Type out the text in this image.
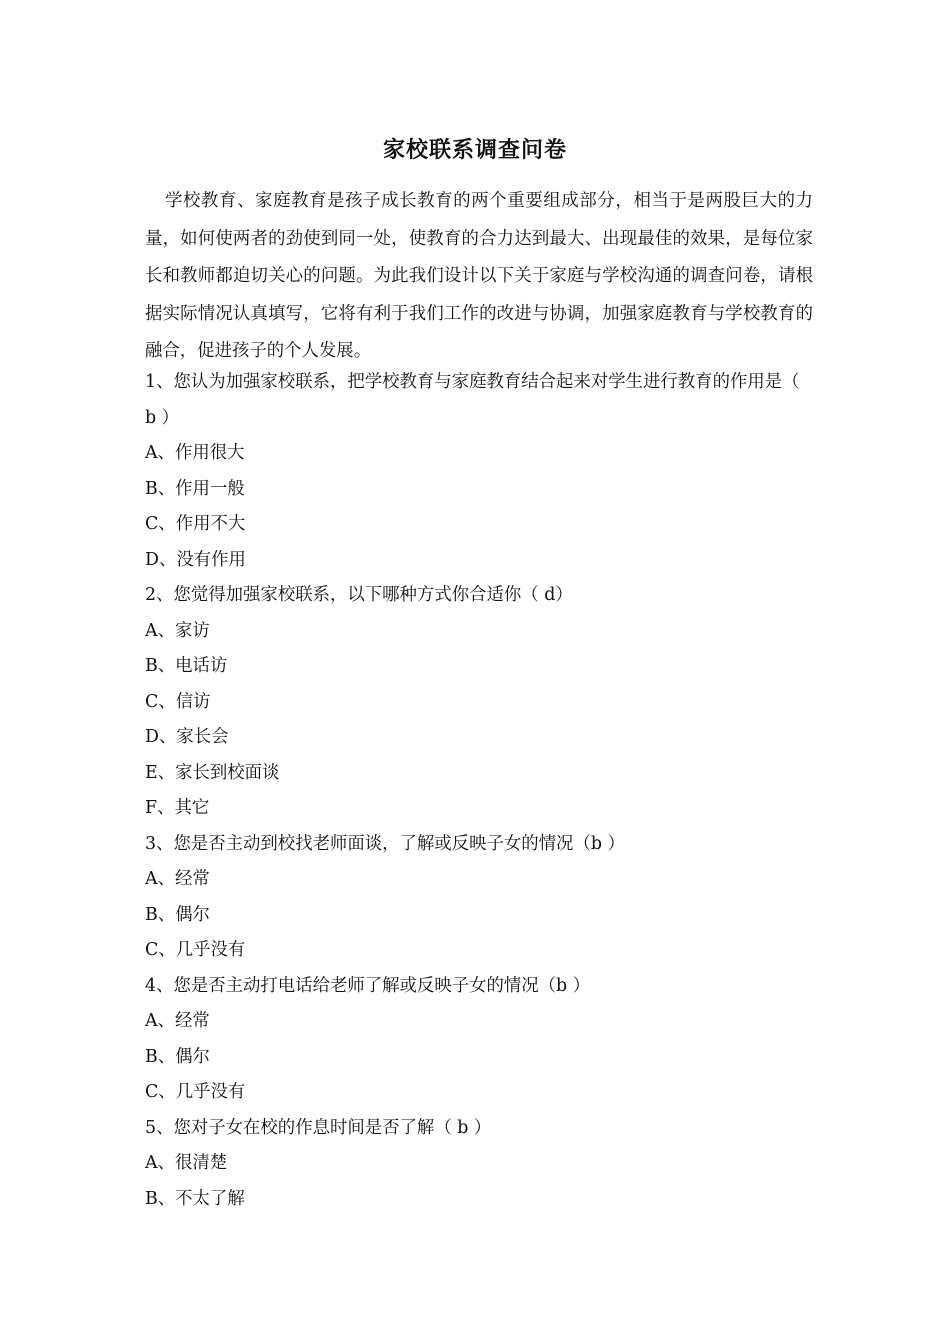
家校联系调查问卷
学校教育、家庭教育是孩子成长教育的两个重要组成部分，相当于是两股巨大的力量，如何使两者的劲使到同一处，使教育的合力达到最大、出现最佳的效果，是每位家长和教师都迫切关心的问题。为此我们设计以下关于家庭与学校沟通的调查问卷，请根据实际情况认真填写，它将有利于我们工作的改进与协调，加强家庭教育与学校教育的融合，促进孩子的个人发展。
1、您认为加强家校联系，把学校教育与家庭教育结合起来对学生进行教育的作用是（ b ）
A、作用很大
B、作用一般
C、作用不大
D、没有作用
2、您觉得加强家校联系，以下哪种方式你合适你（ d）
A、家访
B、电话访
C、信访
D、家长会
E、家长到校面谈
F、其它
3、您是否主动到校找老师面谈，了解或反映子女的情况（b ）
A、经常
B、偶尔
C、几乎没有
4、您是否主动打电话给老师了解或反映子女的情况（b ）
A、经常
B、偶尔
C、几乎没有
5、您对子女在校的作息时间是否了解（ b ）
A、很清楚
B、不太了解
